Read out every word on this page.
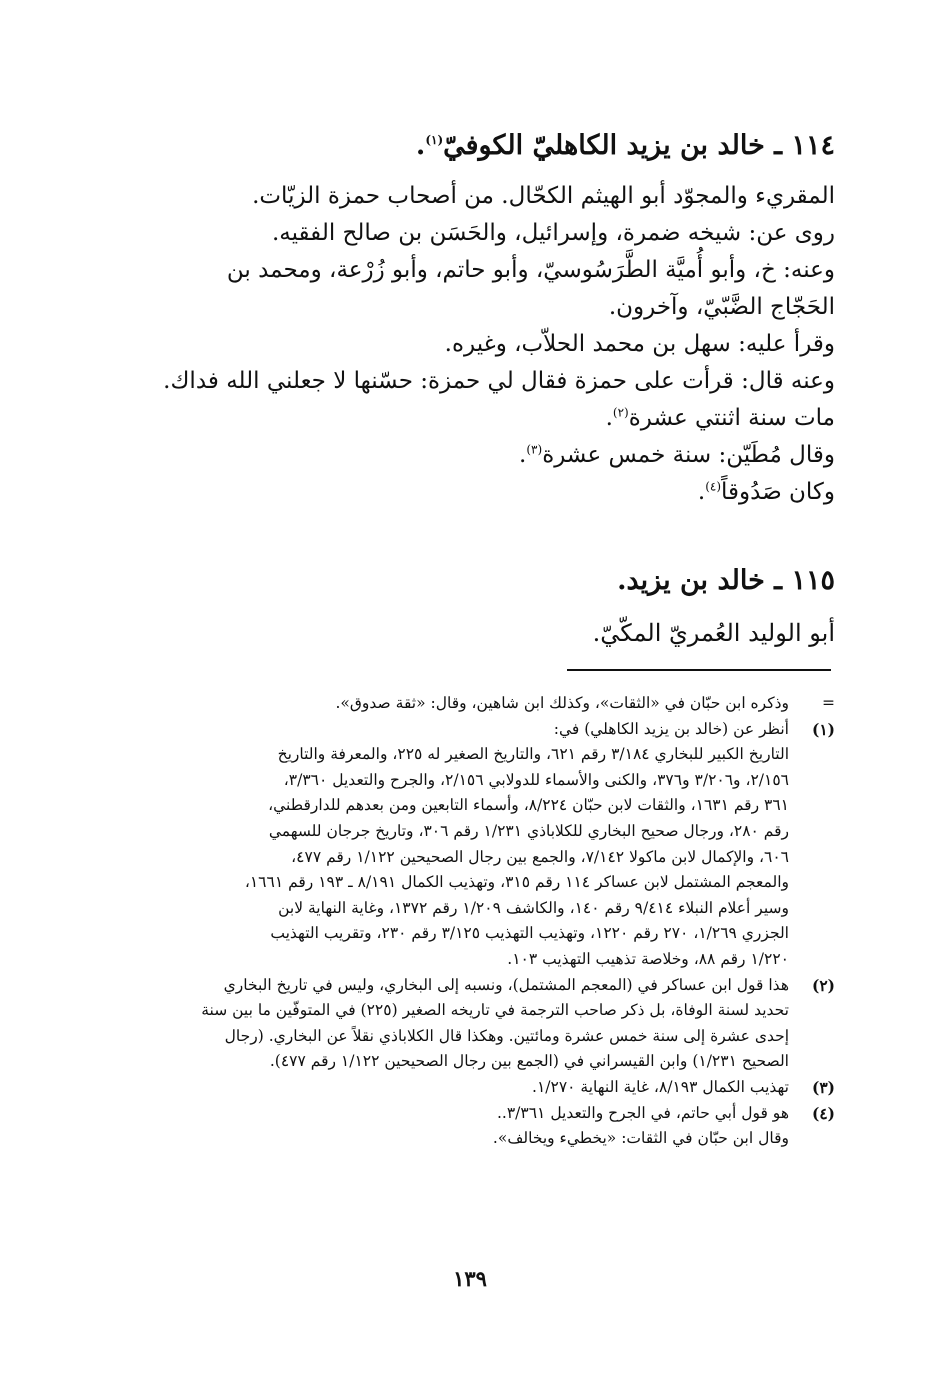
١١٤ ـ خالد بن يزيد الكاهليّ الكوفيّ$^{(١)}$.
المقريء والمجوّد أبو الهيثم الكحّال. من أصحاب حمزة الزيّات.
روى عن: شيخه ضمرة، وإسرائيل، والحَسَن بن صالح الفقيه.
وعنه: خ، وأبو أُميَّة الطَّرَسُوسيّ، وأبو حاتم، وأبو زُرْعة، ومحمد بن
الحَجّاج الضَّبّيّ، وآخرون.
وقرأ عليه: سهل بن محمد الحلاّب، وغيره.
وعنه قال: قرأت على حمزة فقال لي حمزة: حسّنها لا جعلني الله فداك.
مات سنة اثنتي عشرة$^{(٢)}$.
وقال مُطَيّن: سنة خمس عشرة$^{(٣)}$.
وكان صَدُوقاً$^{(٤)}$.
١١٥ ـ خالد بن يزيد.
أبو الوليد العُمريّ المكّيّ.
=
وذكره ابن حبّان في «الثقات»، وكذلك ابن شاهين، وقال: «ثقة صدوق».
(١)
أنظر عن (خالد بن يزيد الكاهلي) في:
التاريخ الكبير للبخاري ٣/١٨٤ رقم ٦٢١، والتاريخ الصغير له ٢٢٥، والمعرفة والتاريخ
٢/١٥٦، و٣/٢٠٦ و٣٧٦، والكنى والأسماء للدولابي ٢/١٥٦، والجرح والتعديل ٣/٣٦٠،
٣٦١ رقم ١٦٣١، والثقات لابن حبّان ٨/٢٢٤، وأسماء التابعين ومن بعدهم للدارقطني،
رقم ٢٨٠، ورجال صحيح البخاري للكلاباذي ١/٢٣١ رقم ٣٠٦، وتاريخ جرجان للسهمي
٦٠٦، والإكمال لابن ماكولا ٧/١٤٢، والجمع بين رجال الصحيحين ١/١٢٢ رقم ٤٧٧،
والمعجم المشتمل لابن عساكر ١١٤ رقم ٣١٥، وتهذيب الكمال ٨/١٩١ ـ ١٩٣ رقم ١٦٦١،
وسير أعلام النبلاء ٩/٤١٤ رقم ١٤٠، والكاشف ١/٢٠٩ رقم ١٣٧٢، وغاية النهاية لابن
الجزري ١/٢٦٩، ٢٧٠ رقم ١٢٢٠، وتهذيب التهذيب ٣/١٢٥ رقم ٢٣٠، وتقريب التهذيب
١/٢٢٠ رقم ٨٨، وخلاصة تذهيب التهذيب ١٠٣.
(٢)
هذا قول ابن عساكر في (المعجم المشتمل)، ونسبه إلى البخاري، وليس في تاريخ البخاري
تحديد لسنة الوفاة، بل ذكر صاحب الترجمة في تاريخه الصغير (٢٢٥) في المتوفّين ما بين سنة
إحدى عشرة إلى سنة خمس عشرة ومائتين. وهكذا قال الكلاباذي نقلاً عن البخاري. (رجال
الصحيح ١/٢٣١) وابن القيسراني في (الجمع بين رجال الصحيحين ١/١٢٢ رقم ٤٧٧).
(٣)
تهذيب الكمال ٨/١٩٣، غاية النهاية ١/٢٧٠.
(٤)
هو قول أبي حاتم، في الجرح والتعديل ٣/٣٦١..
وقال ابن حبّان في الثقات: «يخطيء ويخالف».
١٣٩
